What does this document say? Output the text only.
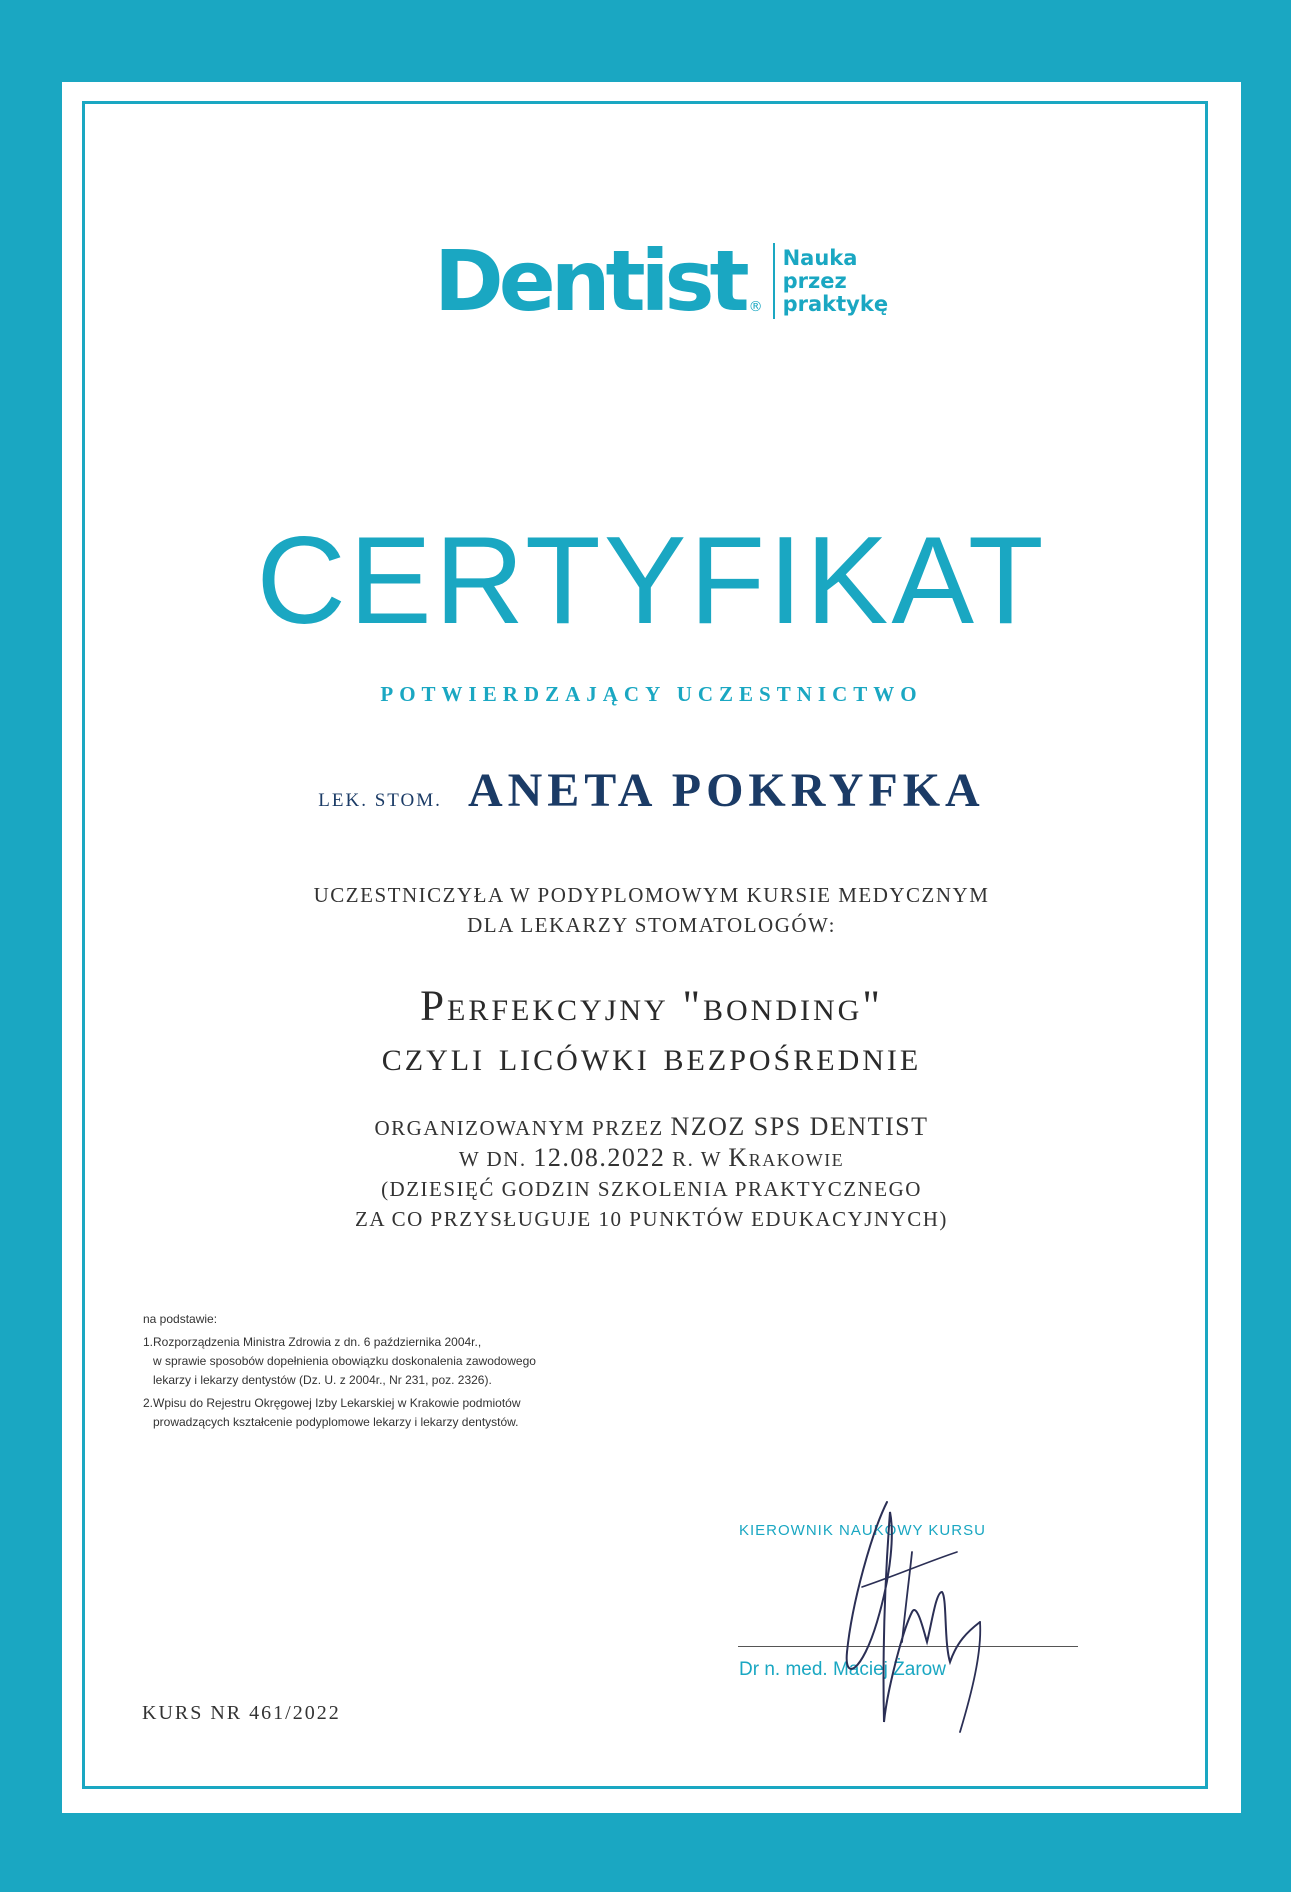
Dentist ®
Nauka
przez
praktykę
CERTYFIKAT
POTWIERDZAJĄCY UCZESTNICTWO
LEK. STOM. ANETA POKRYFKA
UCZESTNICZYŁA W PODYPLOMOWYM KURSIE MEDYCZNYM
DLA LEKARZY STOMATOLOGÓW:
Perfekcyjny "bonding"
czyli licówki bezpośrednie
ORGANIZOWANYM PRZEZ NZOZ SPS DENTIST
W DN. 12.08.2022 R. W Krakowie
(DZIESIĘĆ GODZIN SZKOLENIA PRAKTYCZNEGO
ZA CO PRZYSŁUGUJE 10 PUNKTÓW EDUKACYJNYCH)

na podstawie:

1.Rozporządzenia Ministra Zdrowia z dn. 6 października 2004r.,
w sprawie sposobów dopełnienia obowiązku doskonalenia zawodowego
lekarzy i lekarzy dentystów (Dz. U. z 2004r., Nr 231, poz. 2326).

2.Wpisu do Rejestru Okręgowej Izby Lekarskiej w Krakowie podmiotów
prowadzących kształcenie podyplomowe lekarzy i lekarzy dentystów.

KIEROWNIK NAUKOWY KURSU
Dr n. med. Maciej Żarow
KURS NR 461/2022
